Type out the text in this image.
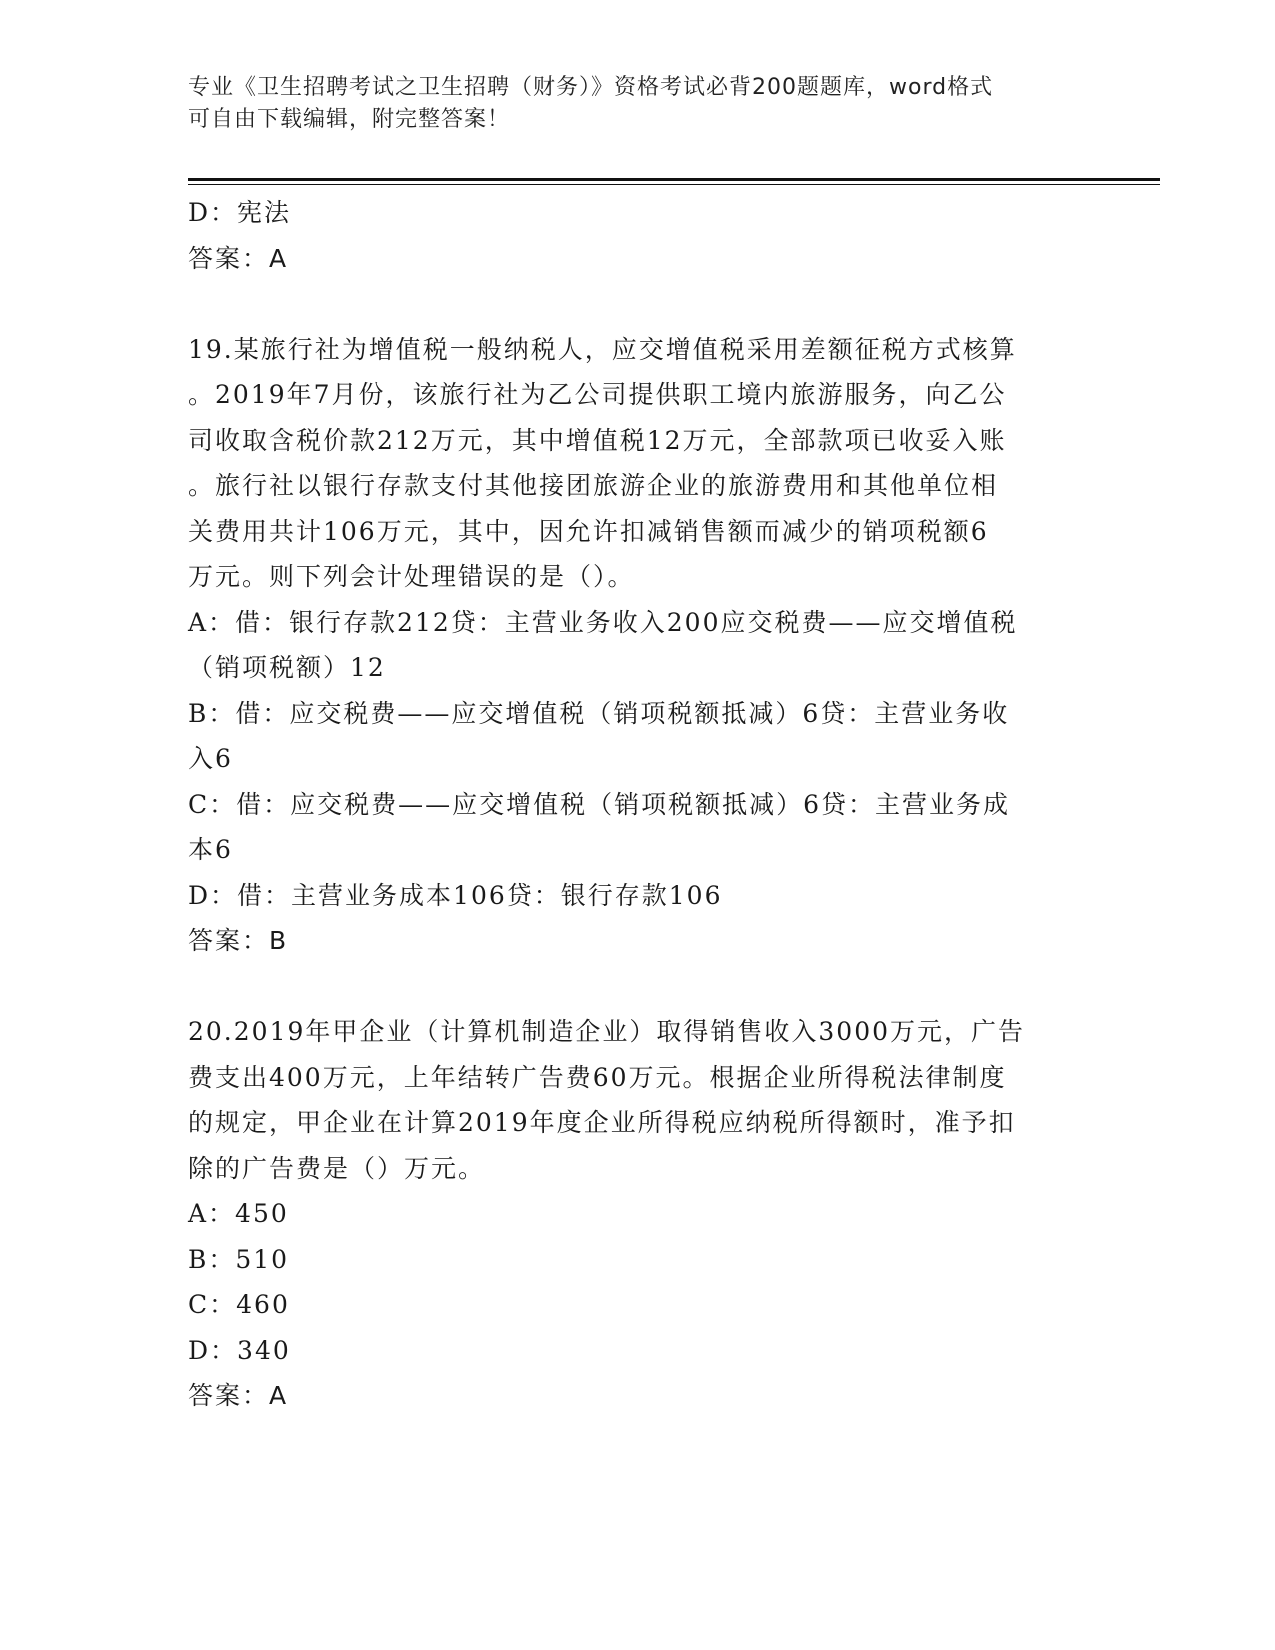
专业《卫生招聘考试之卫生招聘（财务）》资格考试必背200题题库，word格式
可自由下载编辑，附完整答案！

D：宪法

答案：A

19.某旅行社为增值税一般纳税人，应交增值税采用差额征税方式核算

。2019年7月份，该旅行社为乙公司提供职工境内旅游服务，向乙公

司收取含税价款212万元，其中增值税12万元，全部款项已收妥入账

。旅行社以银行存款支付其他接团旅游企业的旅游费用和其他单位相

关费用共计106万元，其中，因允许扣减销售额而减少的销项税额6

万元。则下列会计处理错误的是（）。

A：借：银行存款212贷：主营业务收入200应交税费——应交增值税

（销项税额）12

B：借：应交税费——应交增值税（销项税额抵减）6贷：主营业务收

入6

C：借：应交税费——应交增值税（销项税额抵减）6贷：主营业务成

本6

D：借：主营业务成本106贷：银行存款106

答案：B

20.2019年甲企业（计算机制造企业）取得销售收入3000万元，广告

费支出400万元，上年结转广告费60万元。根据企业所得税法律制度

的规定，甲企业在计算2019年度企业所得税应纳税所得额时，准予扣

除的广告费是（）万元。

A：450

B：510

C：460

D：340

答案：A
